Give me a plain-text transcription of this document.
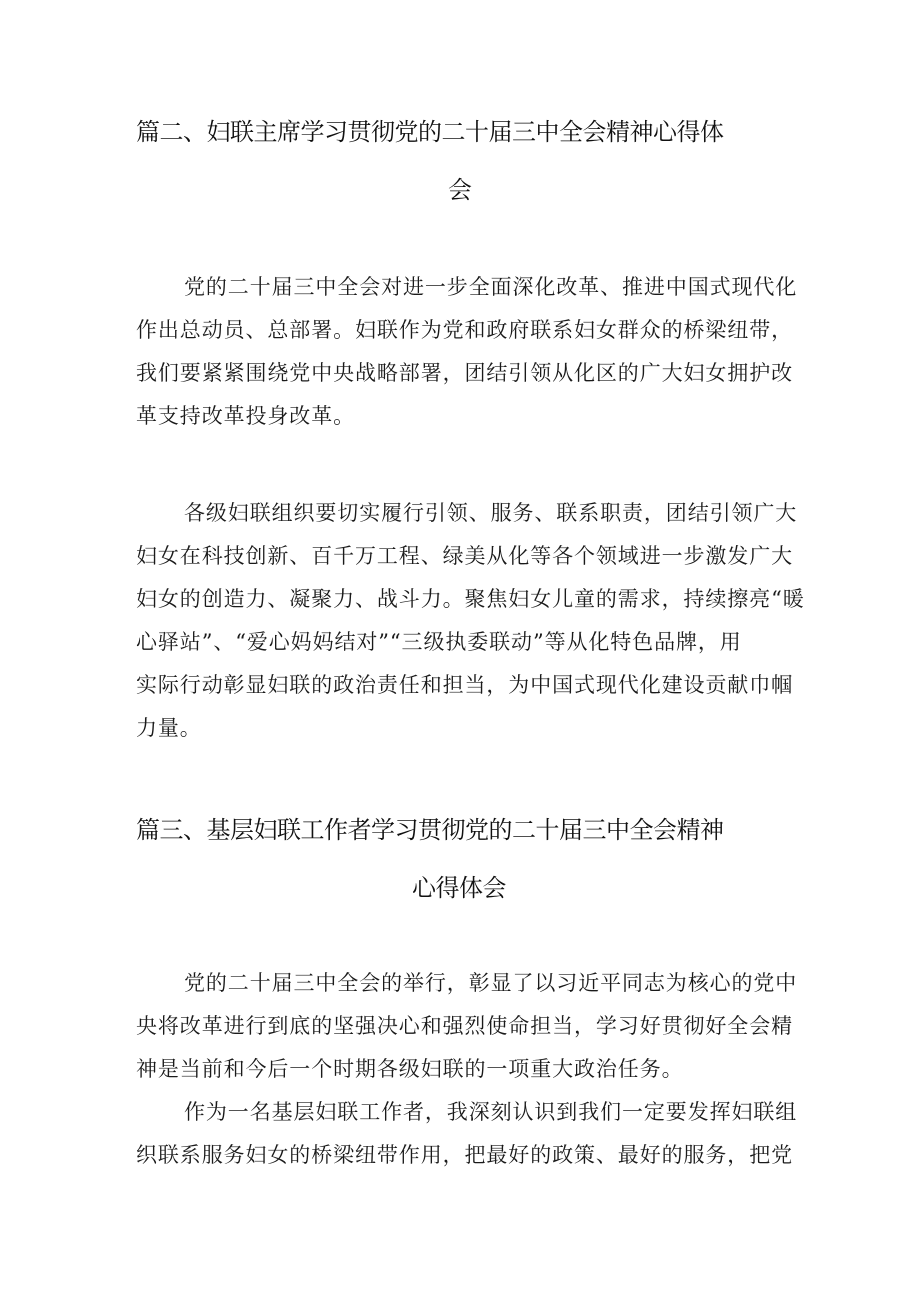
篇二、妇联主席学习贯彻党的二十届三中全会精神心得体
会
党的二十届三中全会对进一步全面深化改革、推进中国式现代化
作出总动员、总部署。妇联作为党和政府联系妇女群众的桥梁纽带，
我们要紧紧围绕党中央战略部署，团结引领从化区的广大妇女拥护改
革支持改革投身改革。
各级妇联组织要切实履行引领、服务、联系职责，团结引领广大
妇女在科技创新、百千万工程、绿美从化等各个领域进一步激发广大
妇女的创造力、凝聚力、战斗力。聚焦妇女儿童的需求，持续擦亮“暖
心驿站”、“爱心妈妈结对”“三级执委联动”等从化特色品牌，用
实际行动彰显妇联的政治责任和担当，为中国式现代化建设贡献巾帼
力量。
篇三、基层妇联工作者学习贯彻党的二十届三中全会精神
心得体会
党的二十届三中全会的举行，彰显了以习近平同志为核心的党中
央将改革进行到底的坚强决心和强烈使命担当，学习好贯彻好全会精
神是当前和今后一个时期各级妇联的一项重大政治任务。
作为一名基层妇联工作者，我深刻认识到我们一定要发挥妇联组
织联系服务妇女的桥梁纽带作用，把最好的政策、最好的服务，把党
